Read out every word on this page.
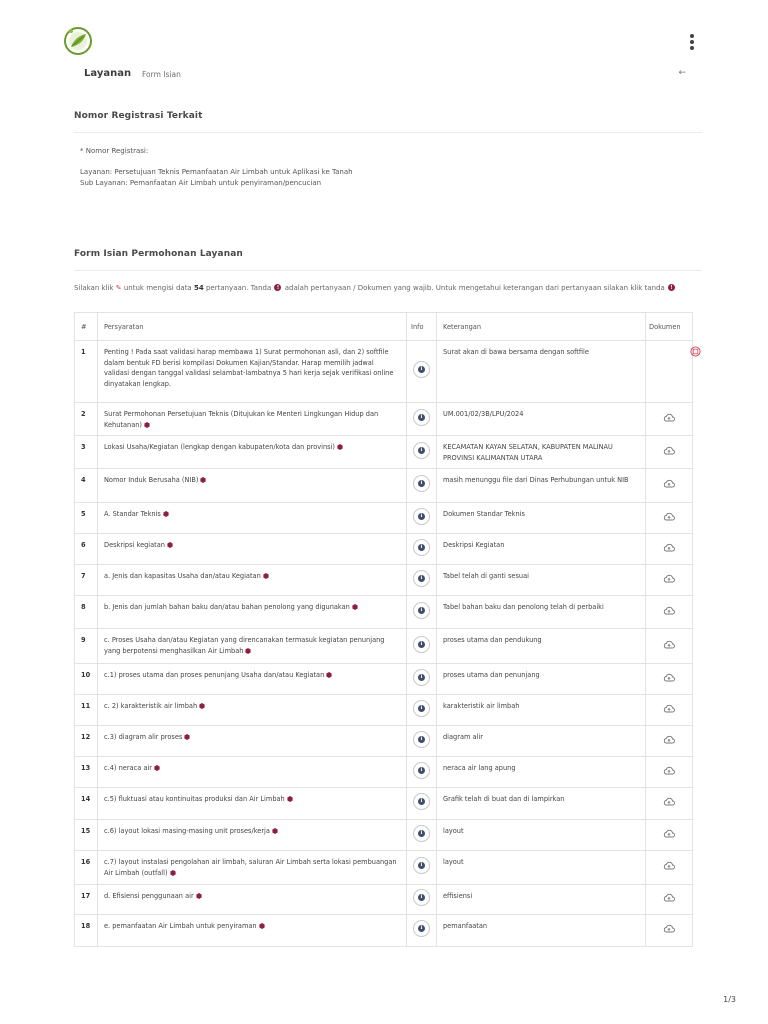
Layanan Form Isian	←
Nomor Registrasi Terkait
* Nomor Registrasi:
Layanan: Persetujuan Teknis Pemanfaatan Air Limbah untuk Aplikasi ke Tanah
Sub Layanan: Pemanfaatan Air Limbah untuk penyiraman/pencucian
Form Isian Permohonan Layanan
Silakan klik ✎ untuk mengisi data 54 pertanyaan. Tanda ! adalah pertanyaan / Dokumen yang wajib. Untuk mengetahui keterangan dari pertanyaan silakan klik tanda !
#	Persyaratan	Info	Keterangan	Dokumen
1	Penting ! Pada saat validasi harap membawa 1) Surat permohonan asli, dan 2) softfile dalam bentuk FD berisi kompilasi Dokumen Kajian/Standar. Harap memilih jadwal validasi dengan tanggal validasi selambat-lambatnya 5 hari kerja sejak verifikasi online dinyatakan lengkap.	i	Surat akan di bawa bersama dengan softfile	
2	Surat Permohonan Persetujuan Teknis (Ditujukan ke Menteri Lingkungan Hidup dan Kehutanan)	i	UM.001/02/3B/LPU/2024	
3	Lokasi Usaha/Kegiatan (lengkap dengan kabupaten/kota dan provinsi)	i	KECAMATAN KAYAN SELATAN, KABUPATEN MALINAU PROVINSI KALIMANTAN UTARA	
4	Nomor Induk Berusaha (NIB)	i	masih menunggu file dari Dinas Perhubungan untuk NIB	
5	A. Standar Teknis	i	Dokumen Standar Teknis	
6	Deskripsi kegiatan	i	Deskripsi Kegiatan	
7	a. Jenis dan kapasitas Usaha dan/atau Kegiatan	i	Tabel telah di ganti sesuai	
8	b. Jenis dan jumlah bahan baku dan/atau bahan penolong yang digunakan	i	Tabel bahan baku dan penolong telah di perbaiki	
9	c. Proses Usaha dan/atau Kegiatan yang direncanakan termasuk kegiatan penunjang yang berpotensi menghasilkan Air Limbah	i	proses utama dan pendukung	
10	c.1) proses utama dan proses penunjang Usaha dan/atau Kegiatan	i	proses utama dan penunjang	
11	c. 2) karakteristik air limbah	i	karakteristik air limbah	
12	c.3) diagram alir proses	i	diagram alir	
13	c.4) neraca air	i	neraca air lang apung	
14	c.5) fluktuasi atau kontinuitas produksi dan Air Limbah	i	Grafik telah di buat dan di lampirkan	
15	c.6) layout lokasi masing-masing unit proses/kerja	i	layout	
16	c.7) layout instalasi pengolahan air limbah, saluran Air Limbah serta lokasi pembuangan Air Limbah (outfall)	i	layout	
17	d. Efisiensi penggunaan air	i	effisiensi	
18	e. pemanfaatan Air Limbah untuk penyiraman	i	pemanfaatan	
1/3
